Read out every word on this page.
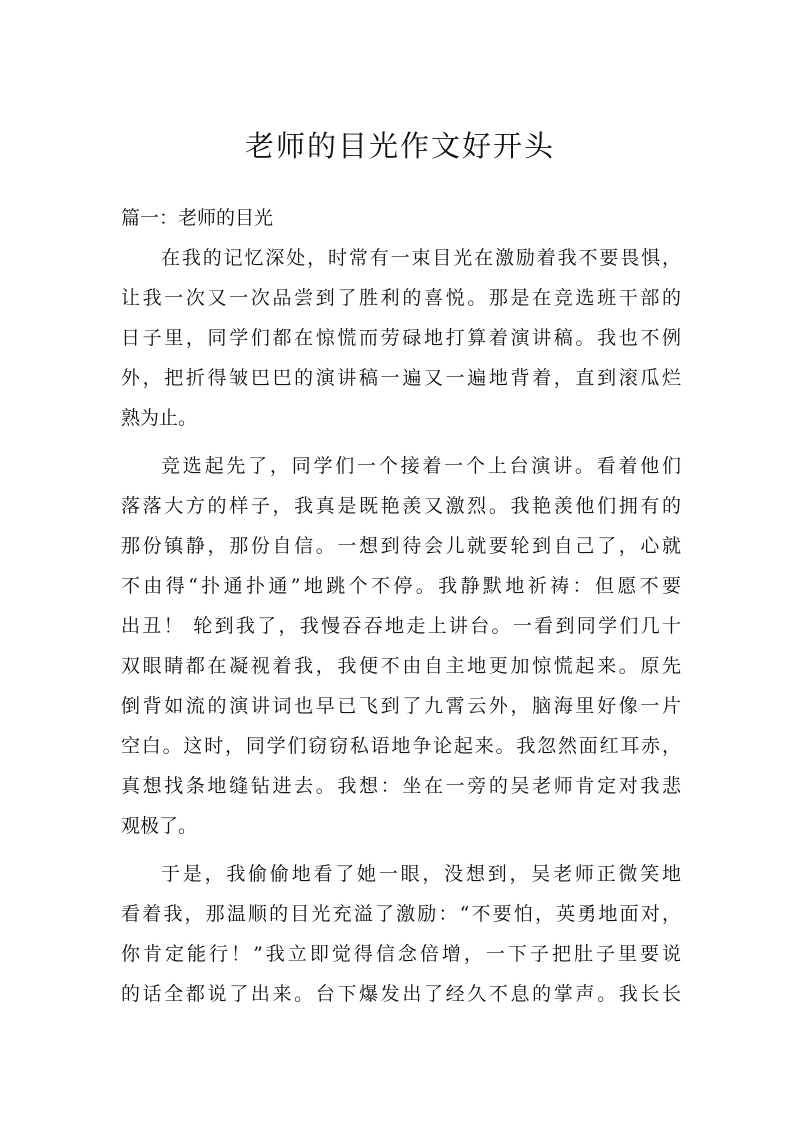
老师的目光作文好开头
篇一：老师的目光
在我的记忆深处，时常有一束目光在激励着我不要畏惧，
让我一次又一次品尝到了胜利的喜悦。那是在竞选班干部的
日子里，同学们都在惊慌而劳碌地打算着演讲稿。我也不例
外，把折得皱巴巴的演讲稿一遍又一遍地背着，直到滚瓜烂
熟为止。
竞选起先了，同学们一个接着一个上台演讲。看着他们
落落大方的样子，我真是既艳羡又激烈。我艳羡他们拥有的
那份镇静，那份自信。一想到待会儿就要轮到自己了，心就
不由得“扑通扑通”地跳个不停。我静默地祈祷：但愿不要
出丑！ 轮到我了，我慢吞吞地走上讲台。一看到同学们几十
双眼睛都在凝视着我，我便不由自主地更加惊慌起来。原先
倒背如流的演讲词也早已飞到了九霄云外，脑海里好像一片
空白。这时，同学们窃窃私语地争论起来。我忽然面红耳赤，
真想找条地缝钻进去。我想：坐在一旁的吴老师肯定对我悲
观极了。
于是，我偷偷地看了她一眼，没想到，吴老师正微笑地
看着我，那温顺的目光充溢了激励：“不要怕，英勇地面对，
你肯定能行！”我立即觉得信念倍增，一下子把肚子里要说
的话全都说了出来。台下爆发出了经久不息的掌声。我长长
